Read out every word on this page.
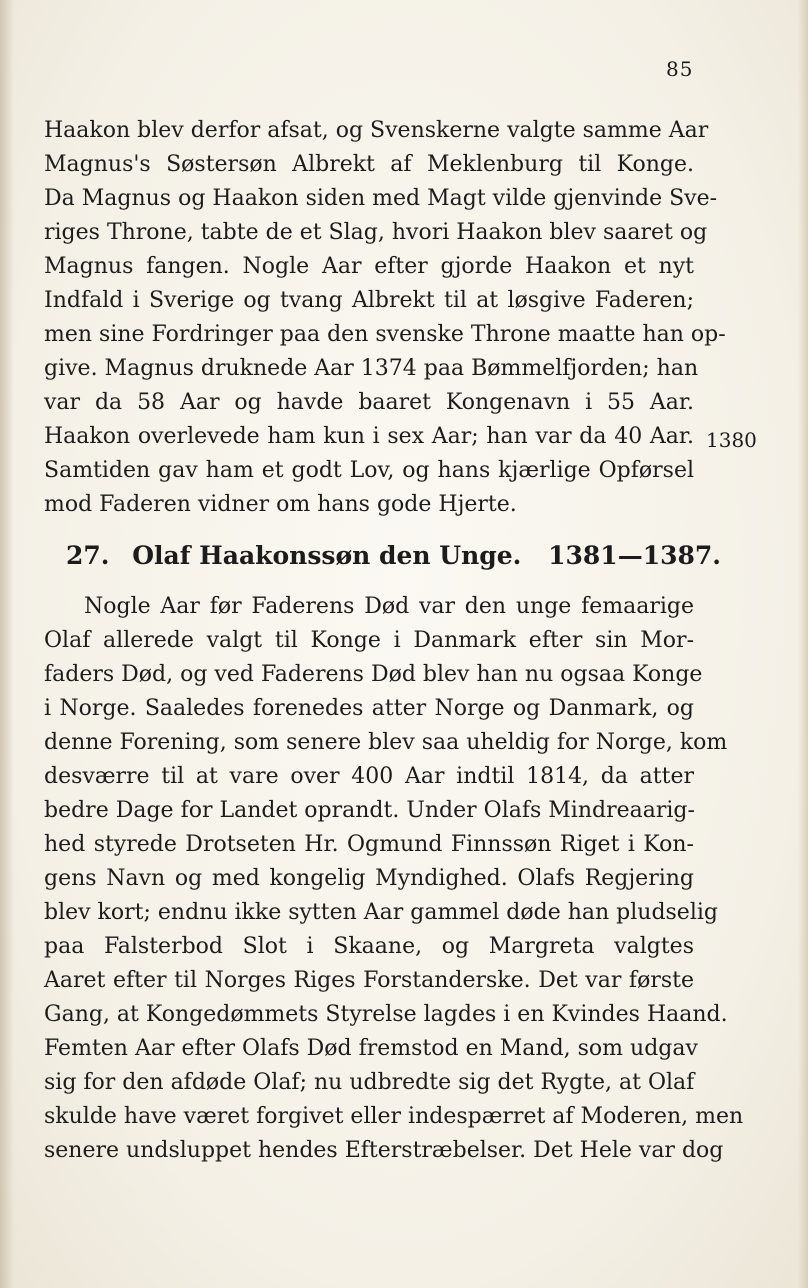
85
1380
Haakon blev derfor afsat, og Svenskerne valgte samme Aar
Magnus's Søstersøn Albrekt af Meklenburg til Konge.
Da Magnus og Haakon siden med Magt vilde gjenvinde Sve-
riges Throne, tabte de et Slag, hvori Haakon blev saaret og
Magnus fangen. Nogle Aar efter gjorde Haakon et nyt
Indfald i Sverige og tvang Albrekt til at løsgive Faderen;
men sine Fordringer paa den svenske Throne maatte han op-
give. Magnus druknede Aar 1374 paa Bømmelfjorden; han
var da 58 Aar og havde baaret Kongenavn i 55 Aar.
Haakon overlevede ham kun i sex Aar; han var da 40 Aar.
Samtiden gav ham et godt Lov, og hans kjærlige Opførsel
mod Faderen vidner om hans gode Hjerte.
27. Olaf Haakonssøn den Unge. 1381—1387.
Nogle Aar før Faderens Død var den unge femaarige
Olaf allerede valgt til Konge i Danmark efter sin Mor-
faders Død, og ved Faderens Død blev han nu ogsaa Konge
i Norge. Saaledes forenedes atter Norge og Danmark, og
denne Forening, som senere blev saa uheldig for Norge, kom
desværre til at vare over 400 Aar indtil 1814, da atter
bedre Dage for Landet oprandt. Under Olafs Mindreaarig-
hed styrede Drotseten Hr. Ogmund Finnssøn Riget i Kon-
gens Navn og med kongelig Myndighed. Olafs Regjering
blev kort; endnu ikke sytten Aar gammel døde han pludselig
paa Falsterbod Slot i Skaane, og Margreta valgtes
Aaret efter til Norges Riges Forstanderske. Det var første
Gang, at Kongedømmets Styrelse lagdes i en Kvindes Haand.
Femten Aar efter Olafs Død fremstod en Mand, som udgav
sig for den afdøde Olaf; nu udbredte sig det Rygte, at Olaf
skulde have været forgivet eller indespærret af Moderen, men
senere undsluppet hendes Efterstræbelser. Det Hele var dog
